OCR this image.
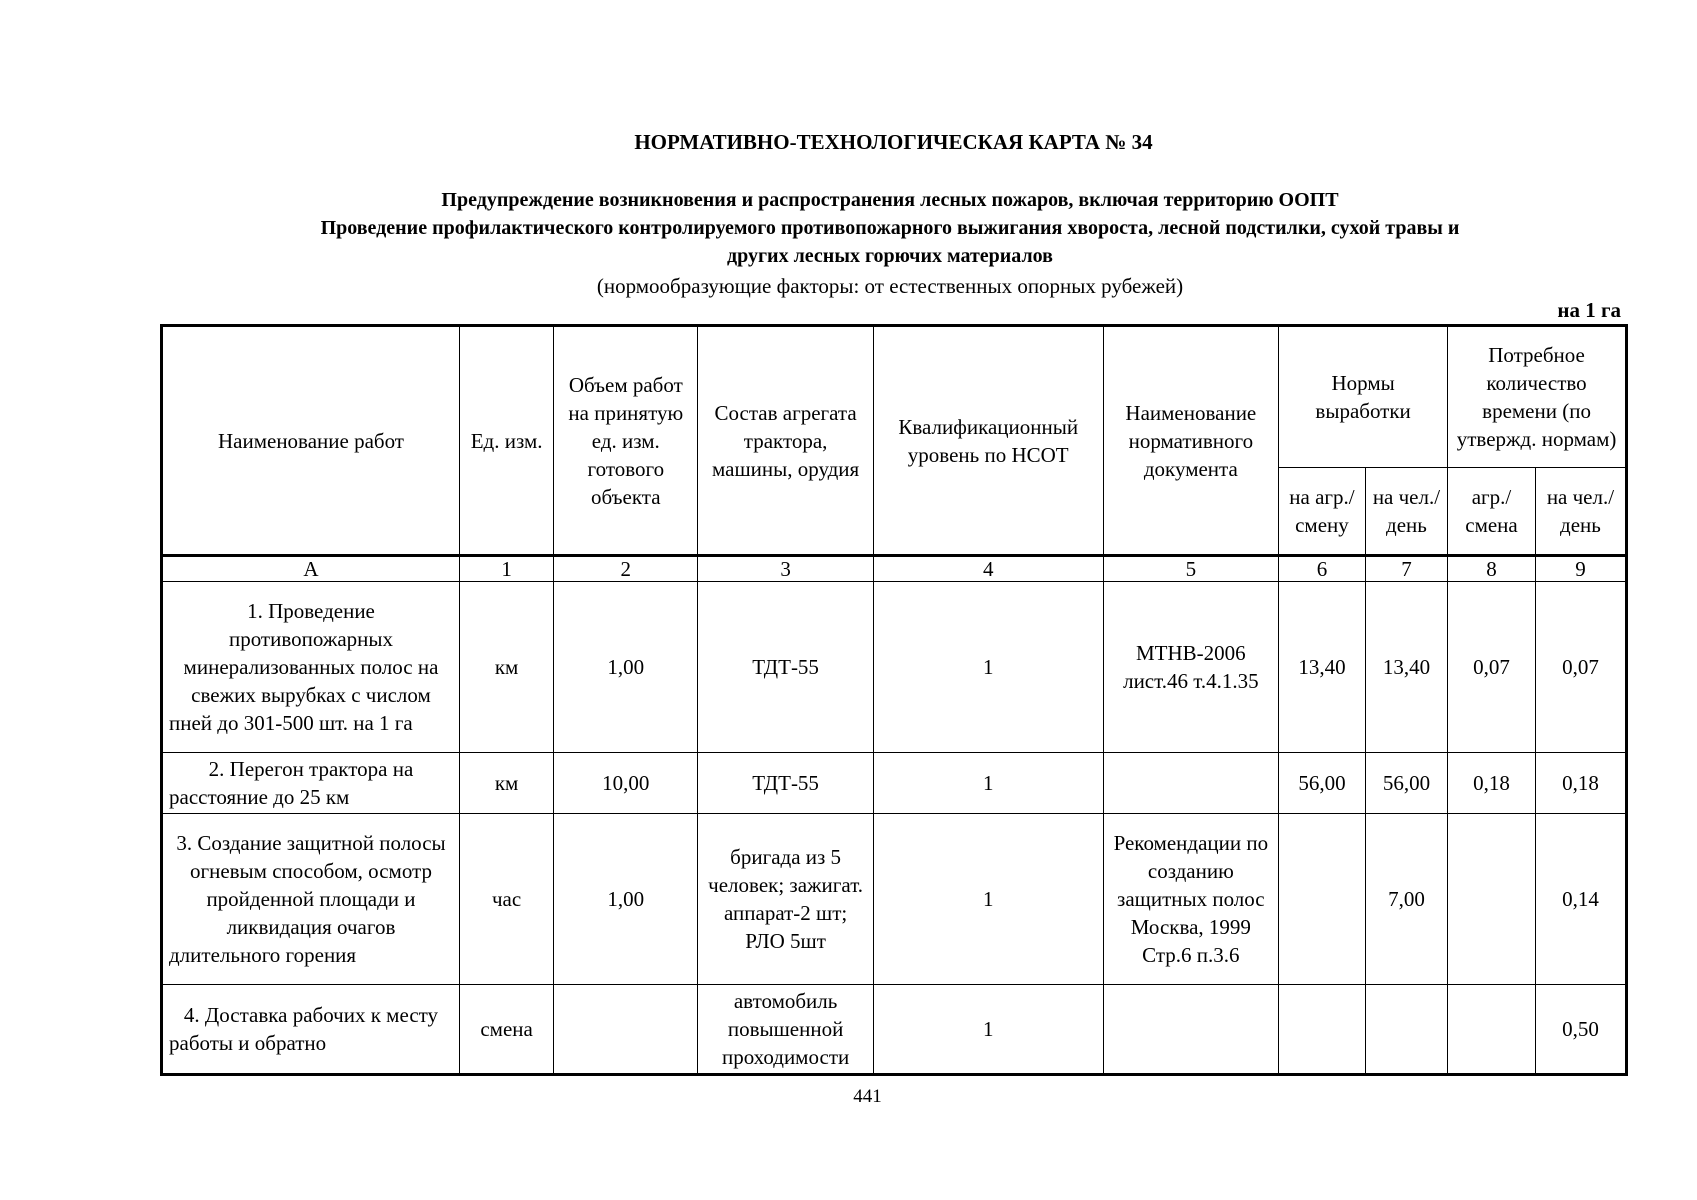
НОРМАТИВНО-ТЕХНОЛОГИЧЕСКАЯ КАРТА № 34
Предупреждение возникновения и распространения лесных пожаров, включая территорию ООПТ
Проведение профилактического контролируемого противопожарного выжигания хвороста, лесной подстилки, сухой травы и
других лесных горючих материалов
(нормообразующие факторы: от естественных опорных рубежей)
на 1 га
Наименование работ	Ед. изм.	Объем работ на принятую ед. изм. готового объекта	Состав агрегата трактора, машины, орудия	Квалификационный уровень по НСОТ	Наименование нормативного документа	Нормы выработки		Потребное количество времени (по утвержд. нормам)	
						на агр./ смену	на чел./ день	агр./ смена	на чел./ день
А	1	2	3	4	5	6	7	8	9
1. Проведение противопожарных минерализованных полос на свежих вырубках с числом пней до 301-500 шт. на 1 га	км	1,00	ТДТ-55	1	МТНВ-2006 лист.46 т.4.1.35	13,40	13,40	0,07	0,07
2. Перегон трактора на расстояние до 25 км	км	10,00	ТДТ-55	1		56,00	56,00	0,18	0,18
3. Создание защитной полосы огневым способом, осмотр пройденной площади и ликвидация очагов длительного горения	час	1,00	бригада из 5 человек; зажигат. аппарат-2 шт; РЛО 5шт	1	Рекомендации по созданию защитных полос Москва, 1999 Стр.6 п.3.6		7,00		0,14
4. Доставка рабочих к месту работы и обратно	смена		автомобиль повышенной проходимости	1					0,50
441
